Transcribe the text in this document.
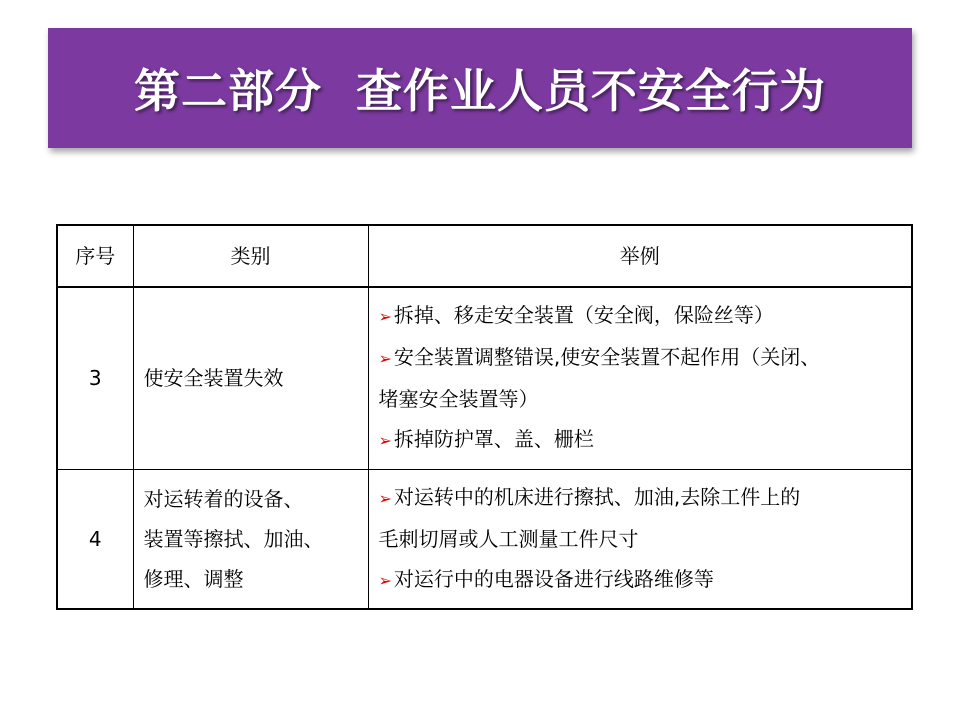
第二部分  查作业人员不安全行为
序号	类别	举例
3	使安全装置失效	➢ 拆掉、移走安全装置（安全阀，保险丝等）
➢ 安全装置调整错误,使安全装置不起作用（关闭、
堵塞安全装置等）
➢ 拆掉防护罩、盖、栅栏

4	对运转着的设备、
装置等擦拭、加油、
修理、调整	➢ 对运转中的机床进行擦拭、加油,去除工件上的
毛刺切屑或人工测量工件尺寸
➢ 对运行中的电器设备进行线路维修等
